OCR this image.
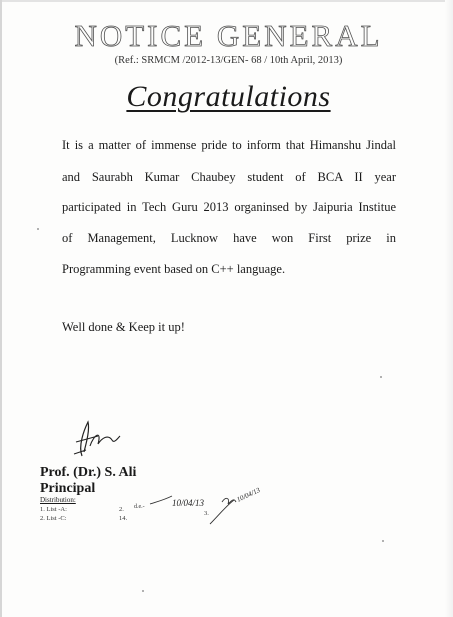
NOTICE GENERAL
(Ref.: SRMCM /2012-13/GEN- 68 / 10th April, 2013)
Congratulations
It is a matter of immense pride to inform that Himanshu Jindal
and Saurabh Kumar Chaubey student of BCA II year
participated in Tech Guru 2013 organinsed by Jaipuria Institue
of Management, Lucknow have won First prize in
Programming event based on C++ language.
Well done & Keep it up!
Prof. (Dr.) S. Ali
Principal
Distribution:
1. List -A:
2. List -C:
2.
14.
3.
d.e.-	10/04/13	10/04/13
